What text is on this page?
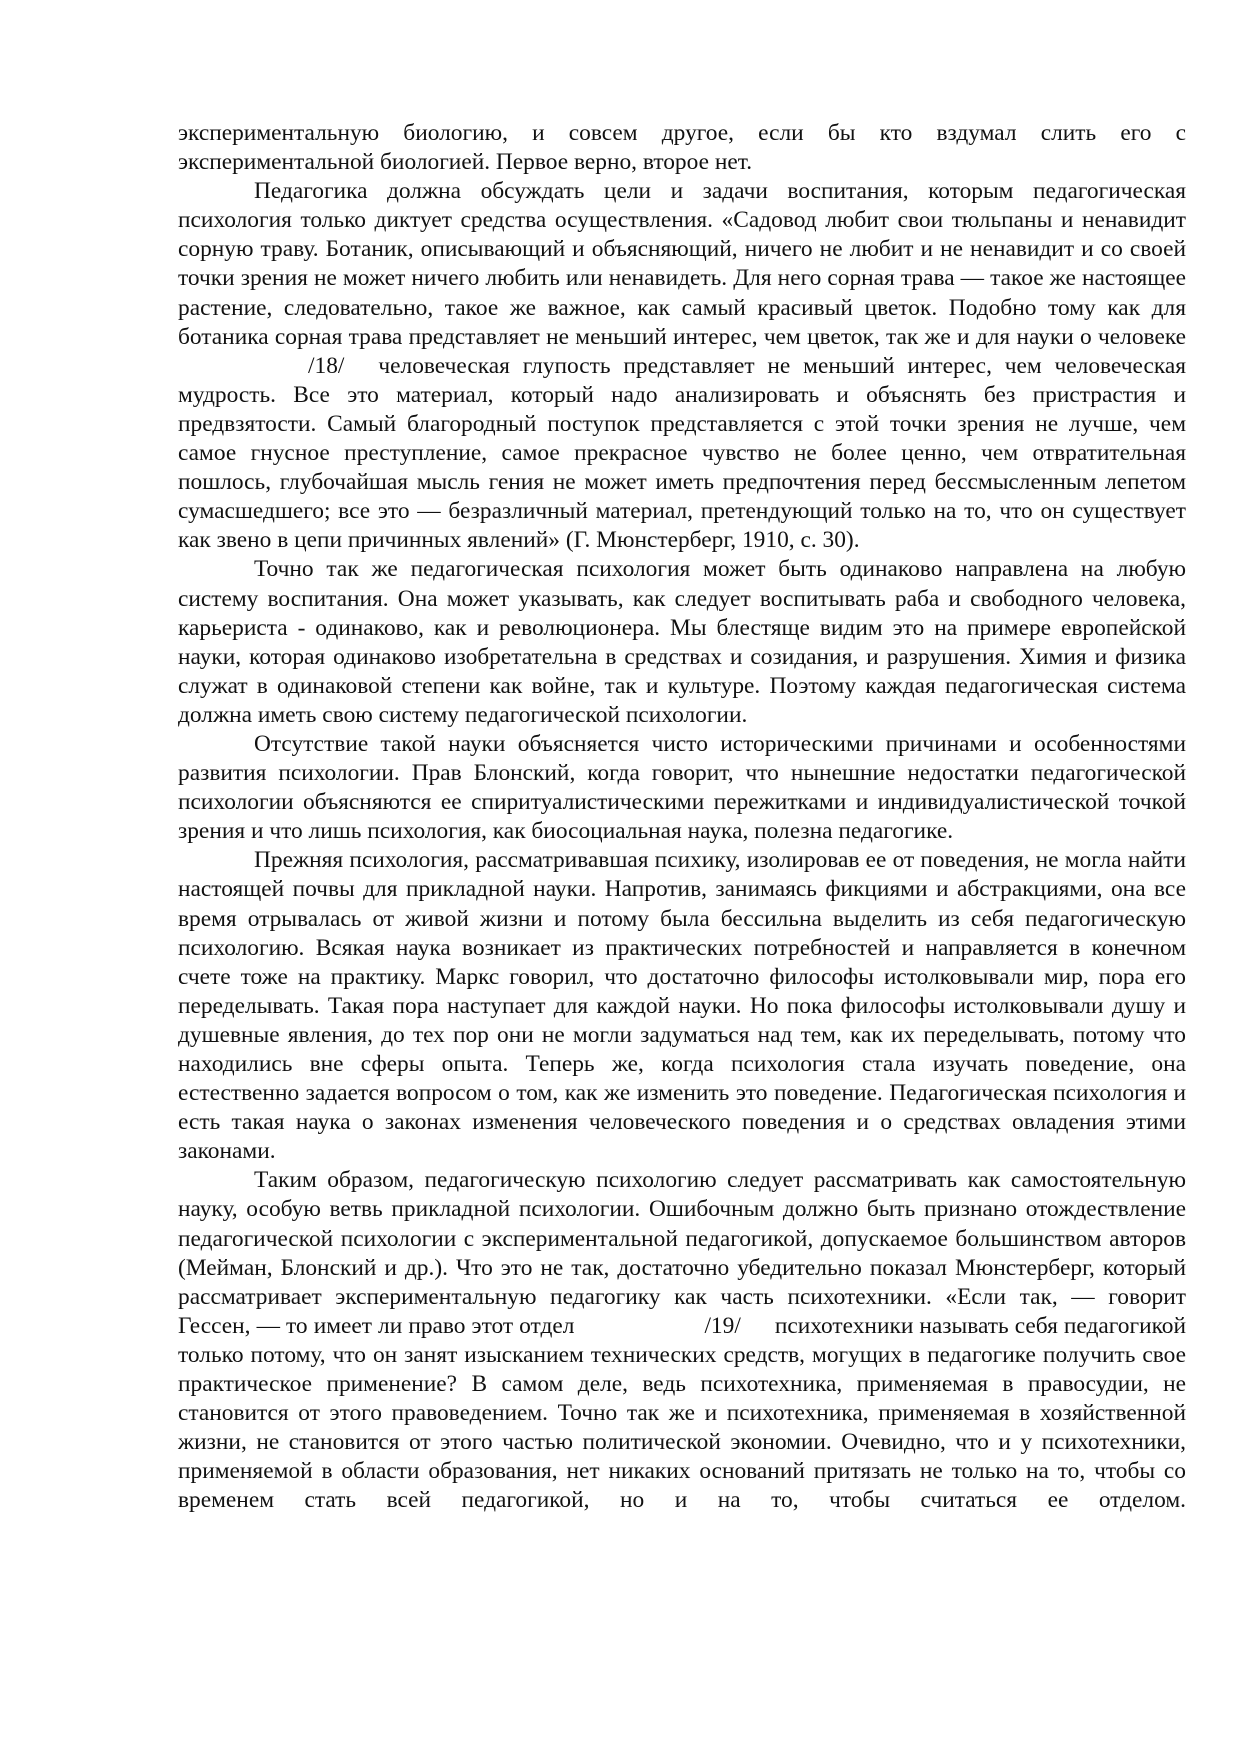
экспериментальную биологию, и совсем другое, если бы кто вздумал слить его с экспериментальной биологией. Первое верно, второе нет.

Педагогика должна обсуждать цели и задачи воспитания, которым педагогическая психология только диктует средства осуществления. «Садовод любит свои тюльпаны и ненавидит сорную траву. Ботаник, описывающий и объясняющий, ничего не любит и не ненавидит и со своей точки зрения не может ничего любить или ненавидеть. Для него сорная трава — такое же настоящее растение, следовательно, такое же важное, как самый красивый цветок. Подобно тому как для ботаника сорная трава представляет не меньший интерес, чем цветок, так же и для науки о человеке/18/ человеческая глупость представляет не меньший интерес, чем человеческая мудрость. Все это материал, который надо анализировать и объяснять без пристрастия и предвзятости. Самый благородный поступок представляется с этой точки зрения не лучше, чем самое гнусное преступление, самое прекрасное чувство не более ценно, чем отвратительная пошлось, глубочайшая мысль гения не может иметь предпочтения перед бессмысленным лепетом сумасшедшего; все это — безразличный материал, претендующий только на то, что он существует как звено в цепи причинных явлений» (Г. Мюнстерберг, 1910, с. 30).

Точно так же педагогическая психология может быть одинаково направлена на любую систему воспитания. Она может указывать, как следует воспитывать раба и свободного человека, карьериста - одинаково, как и революционера. Мы блестяще видим это на примере европейской науки, которая одинаково изобретательна в средствах и созидания, и разрушения. Химия и физика служат в одинаковой степени как войне, так и культуре. Поэтому каждая педагогическая система должна иметь свою систему педагогической психологии.

Отсутствие такой науки объясняется чисто историческими причинами и особенностями развития психологии. Прав Блонский, когда говорит, что нынешние недостатки педагогической психологии объясняются ее спиритуалистическими пережитками и индивидуалистической точкой зрения и что лишь психология, как биосоциальная наука, полезна педагогике.

Прежняя психология, рассматривавшая психику, изолировав ее от поведения, не могла найти настоящей почвы для прикладной науки. Напротив, занимаясь фикциями и абстракциями, она все время отрывалась от живой жизни и потому была бессильна выделить из себя педагогическую психологию. Всякая наука возникает из практических потребностей и направляется в конечном счете тоже на практику. Маркс говорил, что достаточно философы истолковывали мир, пора его переделывать. Такая пора наступает для каждой науки. Но пока философы истолковывали душу и душевные явления, до тех пор они не могли задуматься над тем, как их переделывать, потому что находились вне сферы опыта. Теперь же, когда психология стала изучать поведение, она естественно задается вопросом о том, как же изменить это поведение. Педагогическая психология и есть такая наука о законах изменения человеческого поведения и о средствах овладения этими законами.

Таким образом, педагогическую психологию следует рассматривать как самостоятельную науку, особую ветвь прикладной психологии. Ошибочным должно быть признано отождествление педагогической психологии с экспериментальной педагогикой, допускаемое большинством авторов (Мейман, Блонский и др.). Что это не так, достаточно убедительно показал Мюнстерберг, который рассматривает экспериментальную педагогику как часть психотехники. «Если так, — говорит Гессен, — то имеет ли право этот отдел	/19/ психотехники называть себя педагогикой только потому, что он занят изысканием технических средств, могущих в педагогике получить свое практическое применение? В самом деле, ведь психотехника, применяемая в правосудии, не становится от этого правоведением. Точно так же и психотехника, применяемая в хозяйственной жизни, не становится от этого частью политической экономии. Очевидно, что и у психотехники, применяемой в области образования, нет никаких оснований притязать не только на то, чтобы со временем стать всей педагогикой, но и на то, чтобы считаться ее отделом.
